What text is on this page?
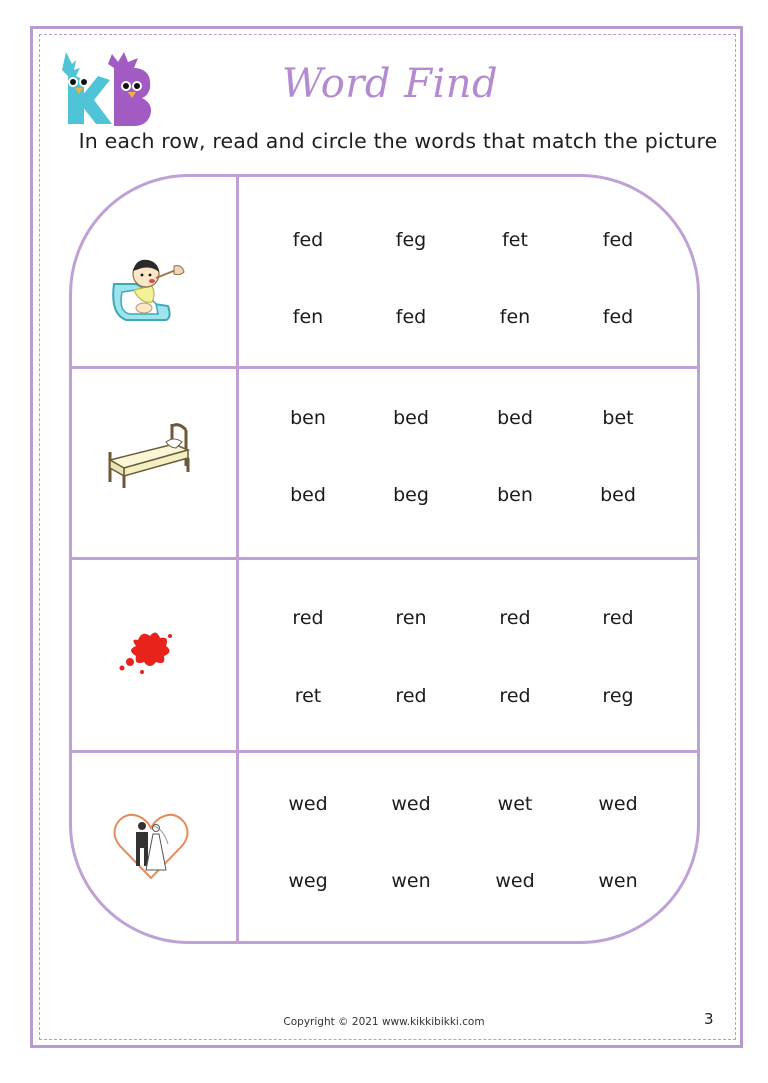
Word Find
In each row, read and circle the words that match the picture
fed	feg	fet	fed
fen	fed	fen	fed
ben	bed	bed	bet
bed	beg	ben	bed
red	ren	red	red
ret	red	red	reg
wed	wed	wet	wed
weg	wen	wed	wen
Copyright © 2021 www.kikkibikki.com	3
